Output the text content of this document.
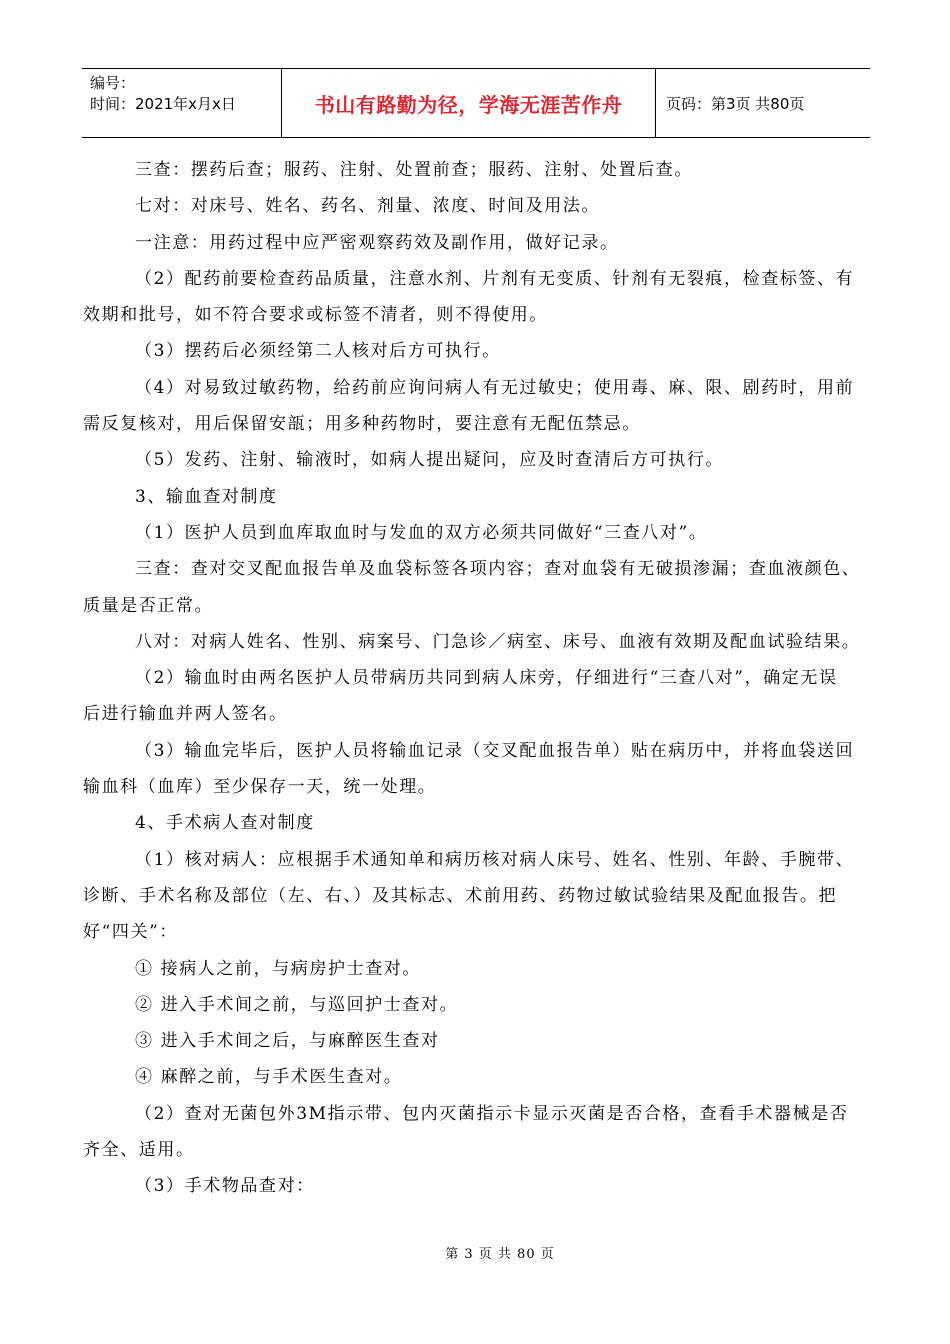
编号：
时间：2021年x月x日	书山有路勤为径，学海无涯苦作舟	页码：第3页 共80页

三查：摆药后查；服药、注射、处置前查；服药、注射、处置后查。

七对：对床号、姓名、药名、剂量、浓度、时间及用法。

一注意：用药过程中应严密观察药效及副作用，做好记录。

（2）配药前要检查药品质量，注意水剂、片剂有无变质、针剂有无裂痕，检查标签、有

效期和批号，如不符合要求或标签不清者，则不得使用。

（3）摆药后必须经第二人核对后方可执行。

（4）对易致过敏药物，给药前应询问病人有无过敏史；使用毒、麻、限、剧药时，用前

需反复核对，用后保留安瓿；用多种药物时，要注意有无配伍禁忌。

（5）发药、注射、输液时，如病人提出疑问，应及时查清后方可执行。

3、输血查对制度

（1）医护人员到血库取血时与发血的双方必须共同做好“三查八对”。

三查：查对交叉配血报告单及血袋标签各项内容；查对血袋有无破损渗漏；查血液颜色、

质量是否正常。

八对：对病人姓名、性别、病案号、门急诊／病室、床号、血液有效期及配血试验结果。

（2）输血时由两名医护人员带病历共同到病人床旁，仔细进行“三查八对”，确定无误

后进行输血并两人签名。

（3）输血完毕后，医护人员将输血记录（交叉配血报告单）贴在病历中，并将血袋送回

输血科（血库）至少保存一天，统一处理。

4、手术病人查对制度

（1）核对病人：应根据手术通知单和病历核对病人床号、姓名、性别、年龄、手腕带、

诊断、手术名称及部位（左、右、）及其标志、术前用药、药物过敏试验结果及配血报告。把

好“四关”：

① 接病人之前，与病房护士查对。

② 进入手术间之前，与巡回护士查对。

③ 进入手术间之后，与麻醉医生查对

④ 麻醉之前，与手术医生查对。

（2）查对无菌包外3M指示带、包内灭菌指示卡显示灭菌是否合格，查看手术器械是否

齐全、适用。

（3）手术物品查对：

第 3 页 共 80 页
